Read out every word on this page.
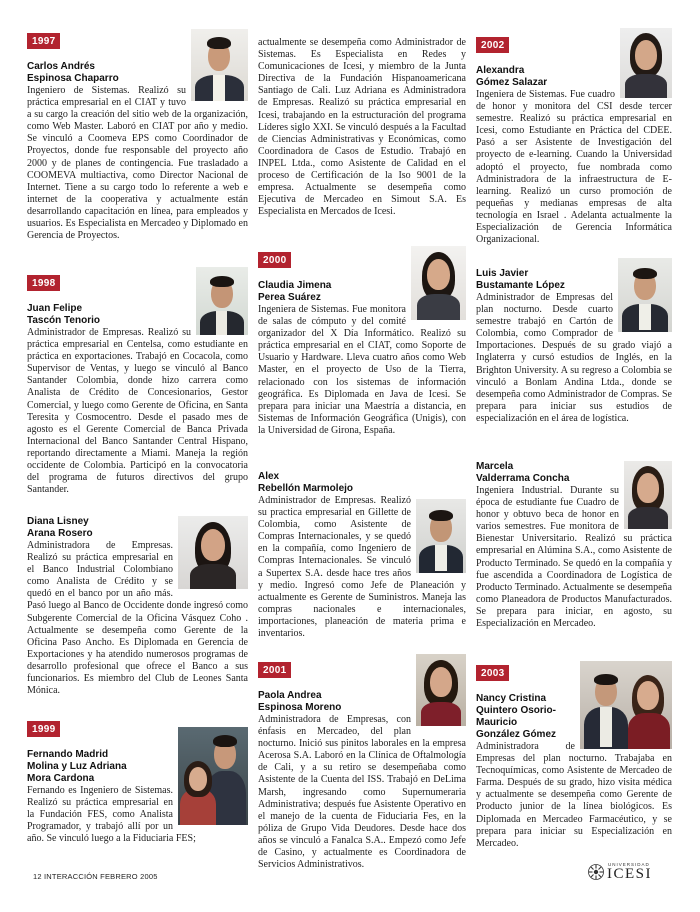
1997
Carlos Andrés
Espinosa Chaparro
Ingeniero de Sistemas. Realizó su práctica empresarial en el CIAT y tuvo a su cargo la creación del sitio web de la organización, como Web Master. Laboró en CIAT por año y medio. Se vinculó a Coomeva EPS como Coordinador de Proyectos, donde fue responsable del proyecto año 2000 y de planes de contingencia. Fue trasladado a COOMEVA multiactiva, como Director Nacional de Internet. Tiene a su cargo todo lo referente a web e internet de la cooperativa y actualmente están desarrollando capacitación en línea, para empleados y usuarios. Es Especialista en Mercadeo y Diplomado en Gerencia de Proyectos.
1998
Juan Felipe
Tascón Tenorio
Administrador de Empresas. Realizó su práctica empresarial en Centelsa, como estudiante en práctica en exportaciones. Trabajó en Cocacola, como Supervisor de Ventas, y luego se vinculó al Banco Santander Colombia, donde hizo carrera como Analista de Crédito de Concesionarios, Gestor Comercial, y luego como Gerente de Oficina, en Santa Teresita y Cosmocentro. Desde el pasado mes de agosto es el Gerente Comercial de Banca Privada Internacional del Banco Santander Central Hispano, reportando directamente a Miami. Maneja la región occidente de Colombia. Participó en la convocatoria del programa de futuros directivos del grupo Santander.
Diana Lisney
Arana Rosero
Administradora de Empresas. Realizó su práctica empresarial en el Banco Industrial Colombiano como Analista de Crédito y se quedó en el banco por un año más. Pasó luego al Banco de Occidente donde ingresó como Subgerente Comercial de la Oficina Vásquez Coho . Actualmente se desempeña como Gerente de la Oficina Paso Ancho. Es Diplomada en Gerencia de Exportaciones y ha atendido numerosos programas de desarrollo profesional que ofrece el Banco a sus funcionarios. Es miembro del Club de Leones Santa Mónica.
1999
Fernando Madrid
Molina y Luz Adriana
Mora Cardona
Fernando es Ingeniero de Sistemas. Realizó su práctica empresarial en la Fundación FES, como Analista Programador, y trabajó allí por un año. Se vinculó luego a la Fiduciaria FES;
actualmente se desempeña como Administrador de Sistemas. Es Especialista en Redes y Comunicaciones de Icesi, y miembro de la Junta Directiva de la Fundación Hispanoamericana Santiago de Cali. Luz Adriana es Administradora de Empresas. Realizó su práctica empresarial en Icesi, trabajando en la estructuración del programa Líderes siglo XXI. Se vinculó después a la Facultad de Ciencias Administrativas y Económicas, como Coordinadora de Casos de Estudio. Trabajó en INPEL Ltda., como Asistente de Calidad en el proceso de Certificación de la Iso 9001 de la empresa. Actualmente se desempeña como Ejecutiva de Mercadeo en Simout S.A. Es Especialista en Mercados de Icesi.
2000
Claudia Jimena
Perea Suárez
Ingeniera de Sistemas. Fue monitora de salas de cómputo y del comité organizador del X Día Informático. Realizó su práctica empresarial en el CIAT, como Soporte de Usuario y Hardware. Lleva cuatro años como Web Master, en el proyecto de Uso de la Tierra, relacionado con los sistemas de información geográfica. Es Diplomada en Java de Icesi. Se prepara para iniciar una Maestría a distancia, en Sistemas de Información Geográfica (Unigis), con la Universidad de Girona, España.
Alex
Rebellón Marmolejo
Administrador de Empresas. Realizó su practica empresarial en Gillette de Colombia, como Asistente de Compras Internacionales, y se quedó en la compañía, como Ingeniero de Compras Internacionales. Se vinculó a Supertex S.A. desde hace tres años y medio. Ingresó como Jefe de Planeación y actualmente es Gerente de Suministros. Maneja las compras nacionales e internacionales, importaciones, planeación de materia prima e inventarios.
2001
Paola Andrea
Espinosa Moreno
Administradora de Empresas, con énfasis en Mercadeo, del plan nocturno. Inició sus pinitos laborales en la empresa Acerosa S.A. Laboró en la Clínica de Oftalmología de Cali, y a su retiro se desempeñaba como Asistente de la Cuenta del ISS. Trabajó en DeLima Marsh, ingresando como Supernumeraria Administrativa; después fue Asistente Operativo en el manejo de la cuenta de Fiduciaria Fes, en la póliza de Grupo Vida Deudores. Desde hace dos años se vinculó a Fanalca S.A.. Empezó como Jefe de Casino, y actualmente es Coordinadora de Servicios Administrativos.
2002
Alexandra
Gómez Salazar
Ingeniera de Sistemas. Fue cuadro de honor y monitora del CSI desde tercer semestre. Realizó su práctica empresarial en Icesi, como Estudiante en Práctica del CDEE. Pasó a ser Asistente de Investigación del proyecto de e-learning. Cuando la Universidad adoptó el proyecto, fue nombrada como Administradora de la infraestructura de E-learning. Realizó un curso promoción de pequeñas y medianas empresas de alta tecnología en Israel . Adelanta actualmente la Especialización de Gerencia Informática Organizacional.
Luis Javier
Bustamante López
Administrador de Empresas del plan nocturno. Desde cuarto semestre trabajó en Cartón de Colombia, como Comprador de Importaciones. Después de su grado viajó a Inglaterra y cursó estudios de Inglés, en la Brighton University. A su regreso a Colombia se vinculó a Bonlam Andina Ltda., donde se desempeña como Administrador de Compras. Se prepara para iniciar sus estudios de especialización en el área de logística.
Marcela
Valderrama Concha
Ingeniera Industrial. Durante su época de estudiante fue Cuadro de honor y obtuvo beca de honor en varios semestres. Fue monitora de Bienestar Universitario. Realizó su práctica empresarial en Alúmina S.A., como Asistente de Producto Terminado. Se quedó en la compañía y fue ascendida a Coordinadora de Logística de Producto Terminado. Actualmente se desempeña como Planeadora de Productos Manufacturados. Se prepara para iniciar, en agosto, su Especialización en Mercadeo.
2003
Nancy Cristina
Quintero Osorio-
Mauricio
González Gómez
Administradora de Empresas del plan nocturno. Trabajaba en Tecnoquímicas, como Asistente de Mercadeo de Farma. Después de su grado, hizo visita médica y actualmente se desempeña como Gerente de Producto junior de la línea biológicos. Es Diplomada en Mercadeo Farmacéutico, y se prepara para iniciar su Especialización en Mercadeo.
12 INTERACCIÓN FEBRERO 2005
UNIVERSIDAD
ICESI
